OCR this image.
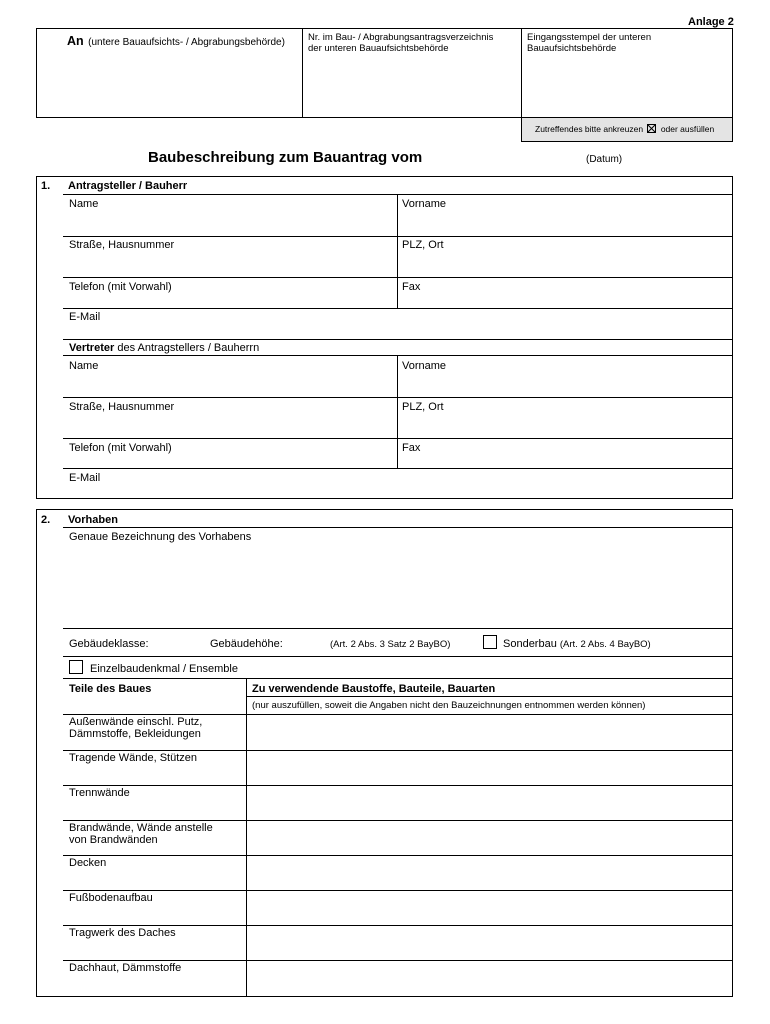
Anlage 2
An (untere Bauaufsichts- / Abgrabungsbehörde) Nr. im Bau- / Abgrabungsantragsverzeichnis
der unteren Bauaufsichtsbehörde
Eingangsstempel der unteren
Bauaufsichtsbehörde
Zutreffendes bitte ankreuzen oder ausfüllen
Baubeschreibung zum Bauantrag vom	(Datum)
1. Antragsteller / Bauherr
Name	Vorname
Straße, Hausnummer	PLZ, Ort
Telefon (mit Vorwahl)	Fax
E-Mail
Vertreter des Antragstellers / Bauherrn
Name	Vorname
Straße, Hausnummer	PLZ, Ort
Telefon (mit Vorwahl)	Fax
E-Mail
2. Vorhaben
Genaue Bezeichnung des Vorhabens
Gebäudeklasse:	Gebäudehöhe:	(Art. 2 Abs. 3 Satz 2 BayBO)	Sonderbau (Art. 2 Abs. 4 BayBO)
Einzelbaudenkmal / Ensemble
Teile des Baues	Zu verwendende Baustoffe, Bauteile, Bauarten
(nur auszufüllen, soweit die Angaben nicht den Bauzeichnungen entnommen werden können)
Außenwände einschl. Putz,
Dämmstoffe, Bekleidungen
Tragende Wände, Stützen
Trennwände
Brandwände, Wände anstelle
von Brandwänden
Decken
Fußbodenaufbau
Tragwerk des Daches
Dachhaut, Dämmstoffe
